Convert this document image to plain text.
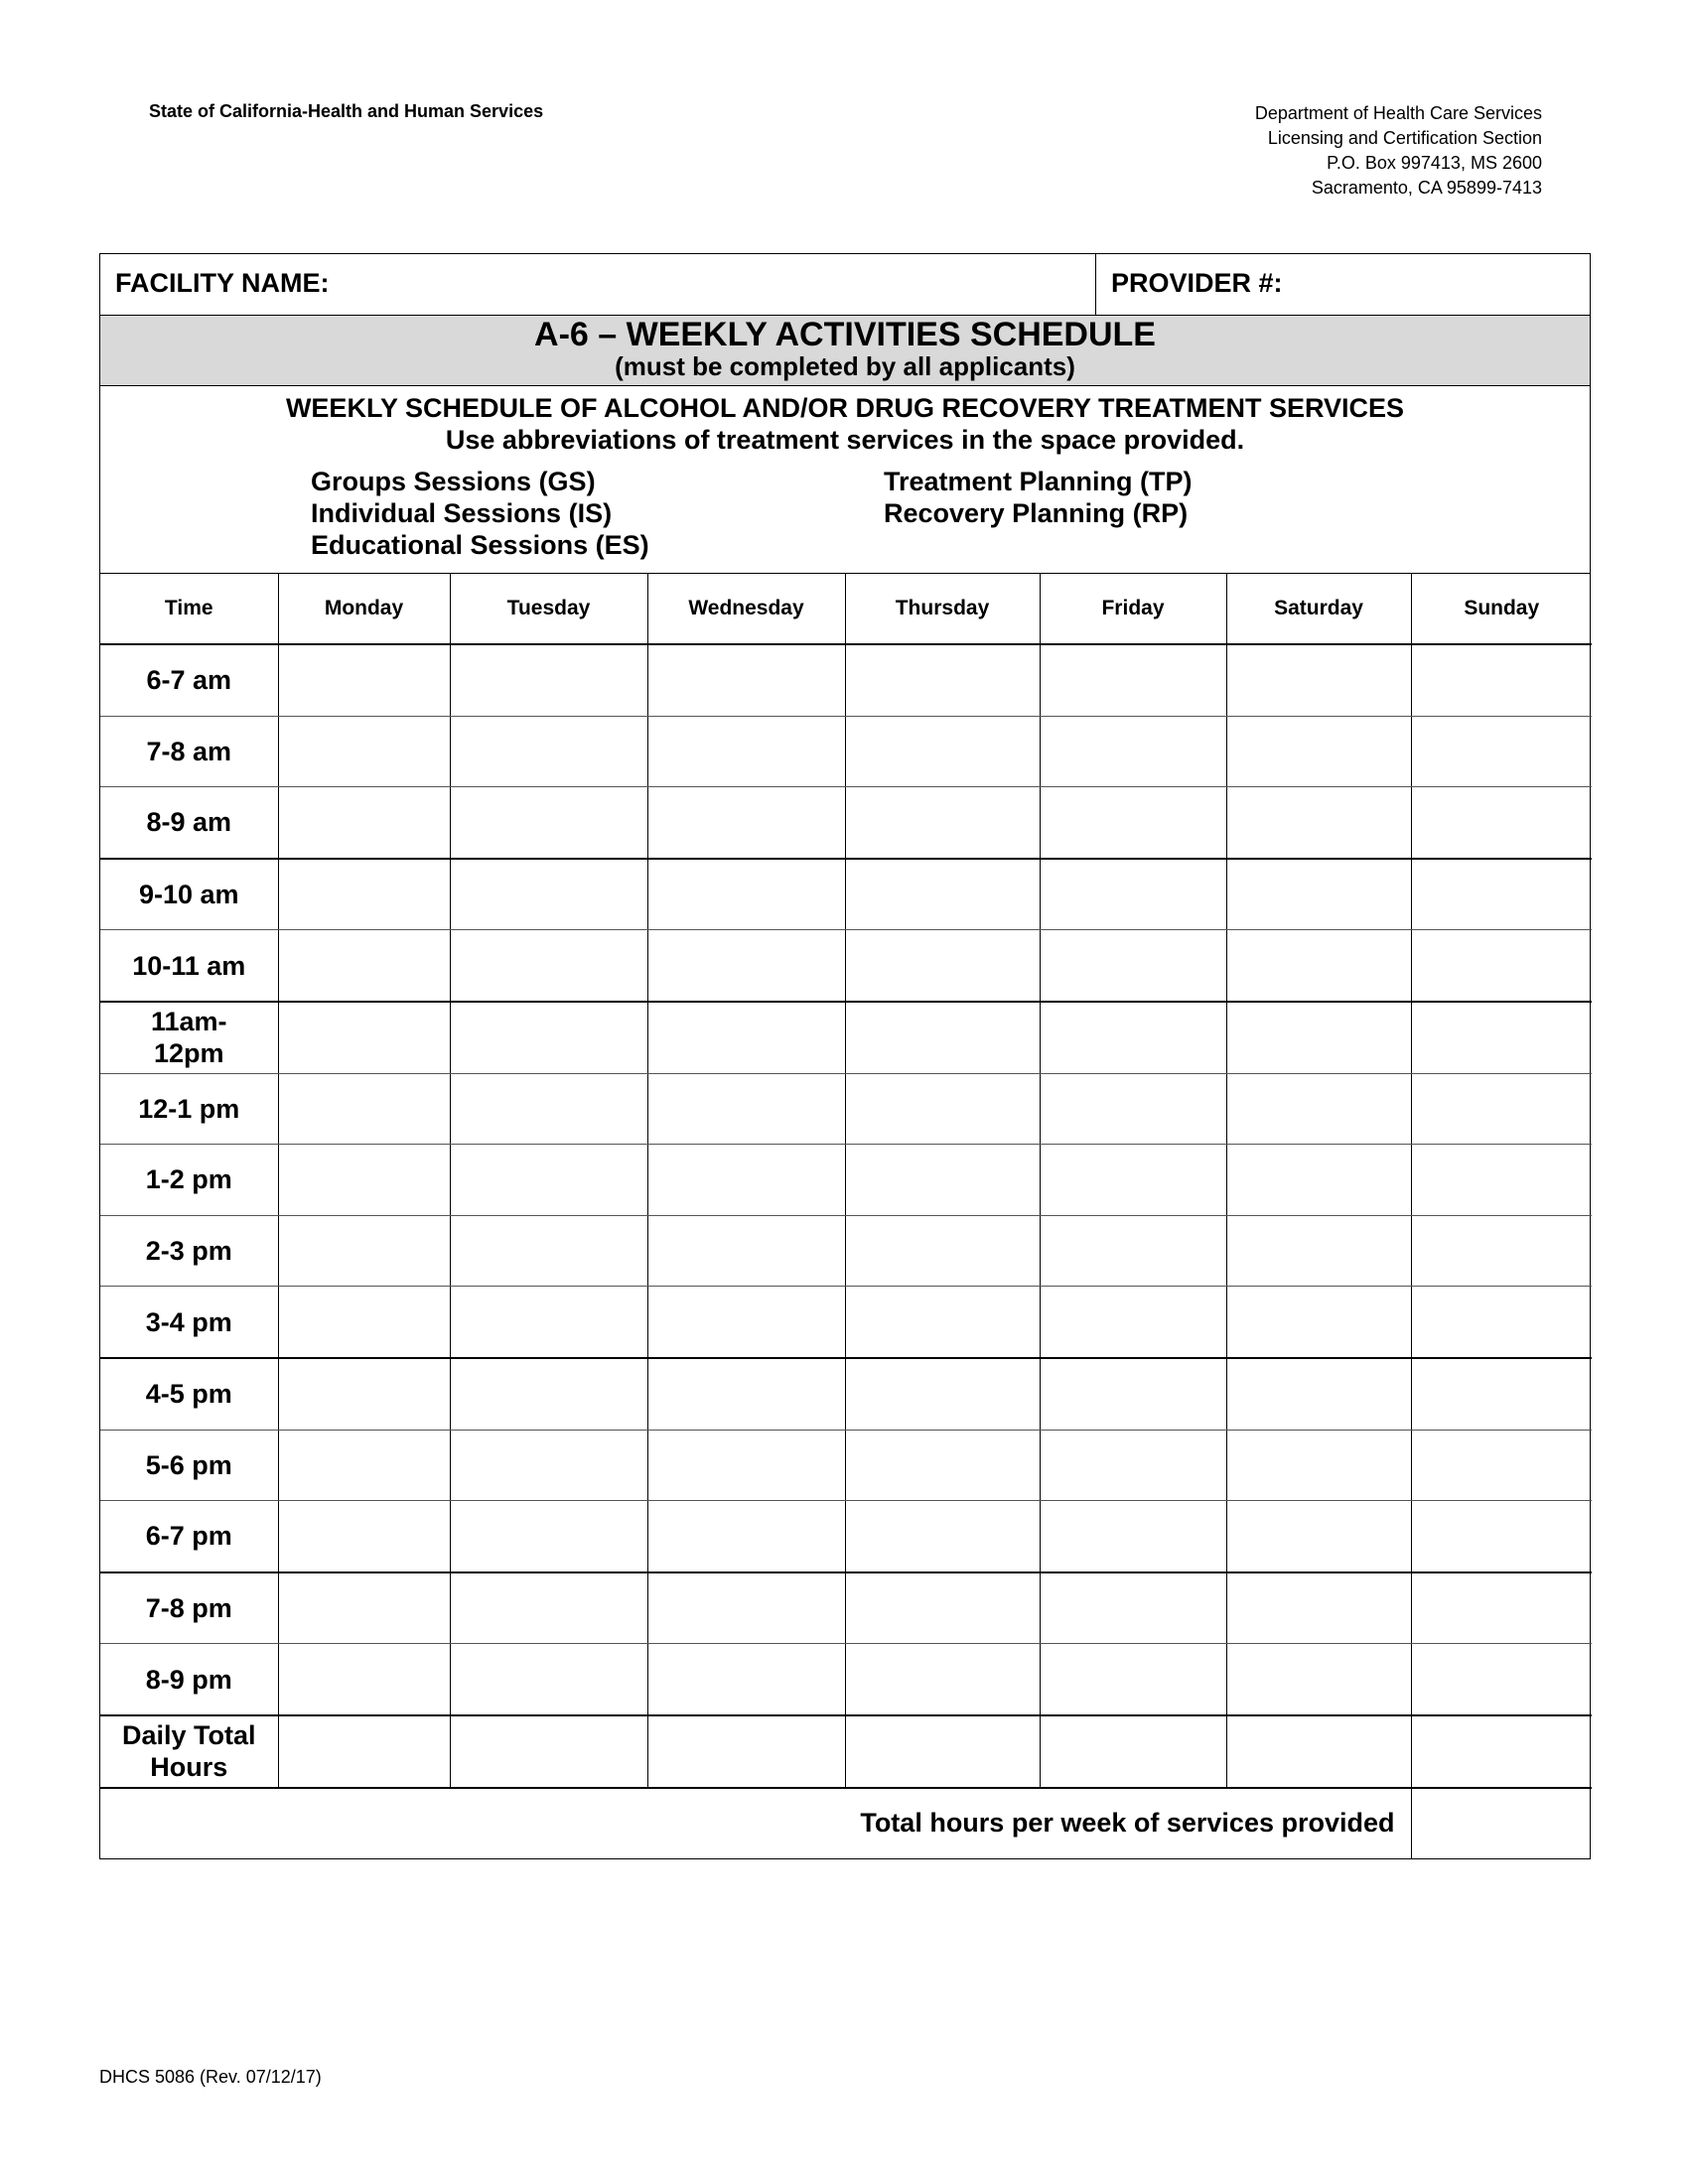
State of California-Health and Human Services	Department of Health Care Services
Licensing and Certification Section
P.O. Box 997413, MS 2600
Sacramento, CA 95899-7413
FACILITY NAME:	PROVIDER #:
A-6 – WEEKLY ACTIVITIES SCHEDULE
(must be completed by all applicants)
WEEKLY SCHEDULE OF ALCOHOL AND/OR DRUG RECOVERY TREATMENT SERVICES
Use abbreviations of treatment services in the space provided.
Groups Sessions (GS)
Individual Sessions (IS)
Educational Sessions (ES)
Treatment Planning (TP)
Recovery Planning (RP)
Time	Monday	Tuesday	Wednesday	Thursday	Friday	Saturday	Sunday
6-7 am							
7-8 am							
8-9 am							
9-10 am							
10-11 am							
11am-
12pm							
12-1 pm							
1-2 pm							
2-3 pm							
3-4 pm							
4-5 pm							
5-6 pm							
6-7 pm							
7-8 pm							
8-9 pm							
Daily Total
Hours							
Total hours per week of services provided							
DHCS 5086 (Rev. 07/12/17)
